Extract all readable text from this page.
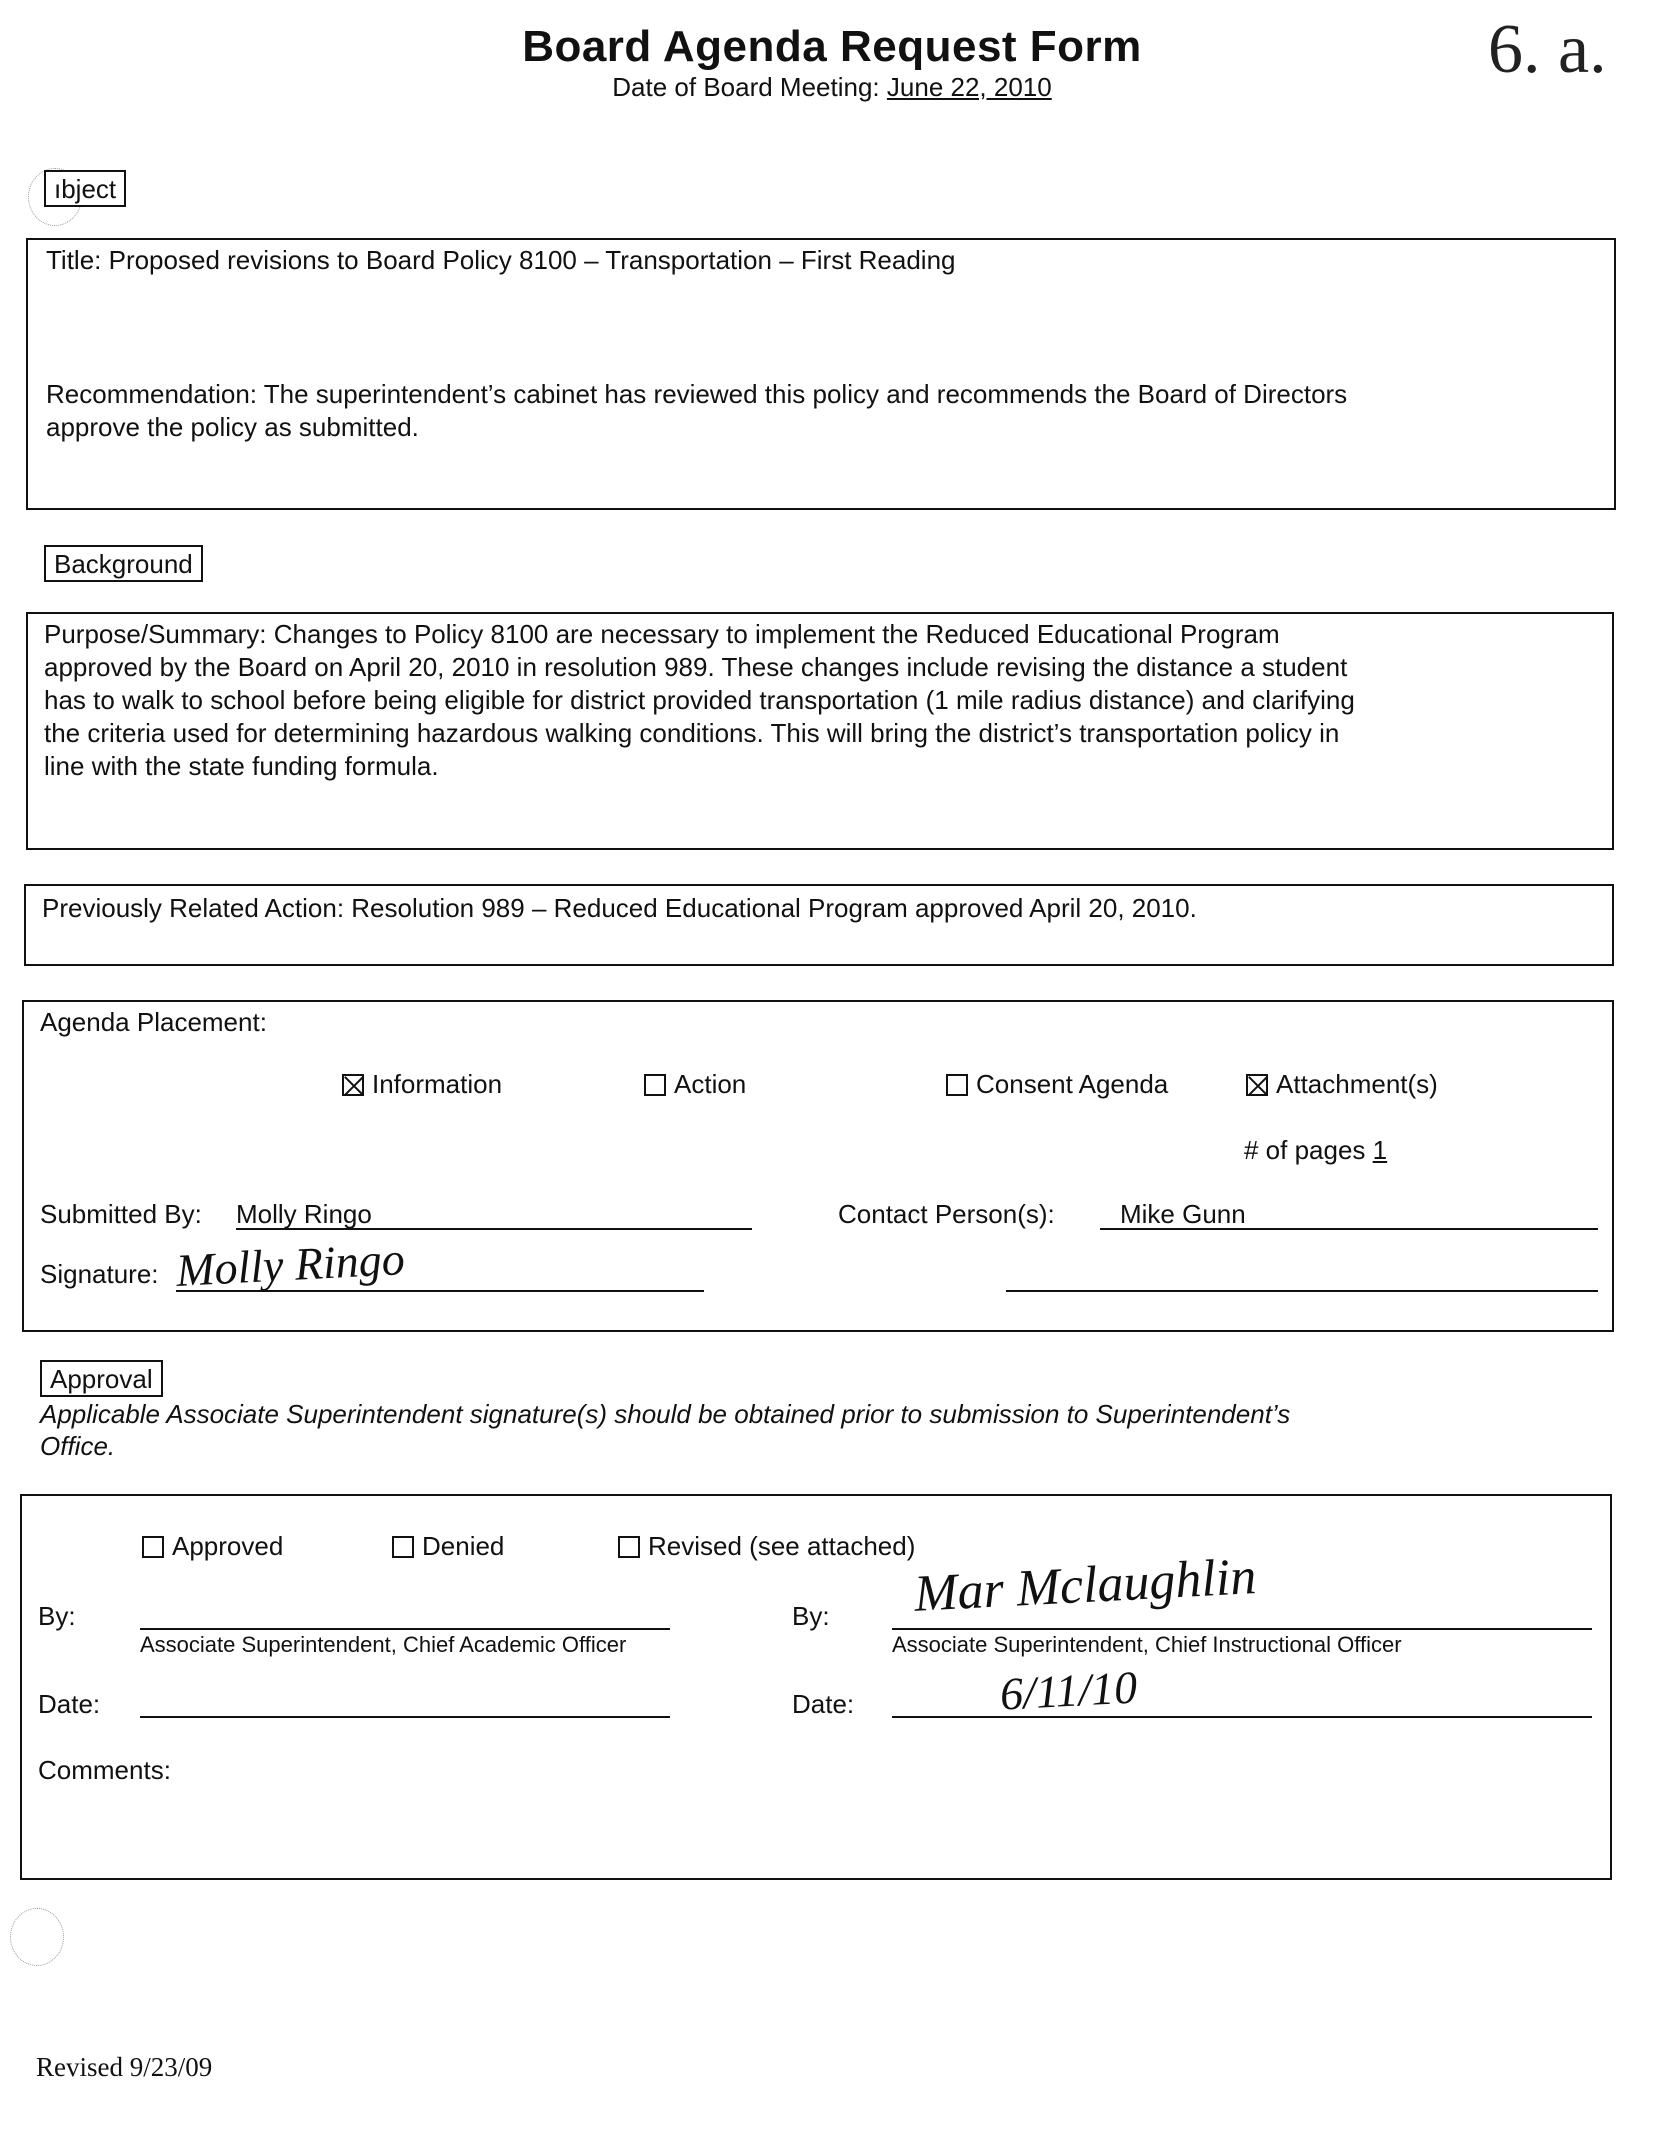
Board Agenda Request Form
Date of Board Meeting: June 22, 2010	6. a.
ıbject
Title: Proposed revisions to Board Policy 8100 – Transportation – First Reading
Recommendation: The superintendent’s cabinet has reviewed this policy and recommends the Board of Directors
approve the policy as submitted.
Background
Purpose/Summary: Changes to Policy 8100 are necessary to implement the Reduced Educational Program
approved by the Board on April 20, 2010 in resolution 989. These changes include revising the distance a student
has to walk to school before being eligible for district provided transportation (1 mile radius distance) and clarifying
the criteria used for determining hazardous walking conditions. This will bring the district’s transportation policy in
line with the state funding formula.
Previously Related Action: Resolution 989 – Reduced Educational Program approved April 20, 2010.
Agenda Placement:
Information	Action	Consent Agenda	Attachment(s)
# of pages 1
Submitted By: Molly Ringo	Contact Person(s):	Mike Gunn
Signature: Molly Ringo
Approval
Applicable Associate Superintendent signature(s) should be obtained prior to submission to Superintendent’s
Office.
Approved	Denied	Revised (see attached)
By:
Associate Superintendent, Chief Academic Officer
By: Mar Mclaughlin
Associate Superintendent, Chief Instructional Officer
Date:	Date:	6/11/10
Comments:
Revised 9/23/09
